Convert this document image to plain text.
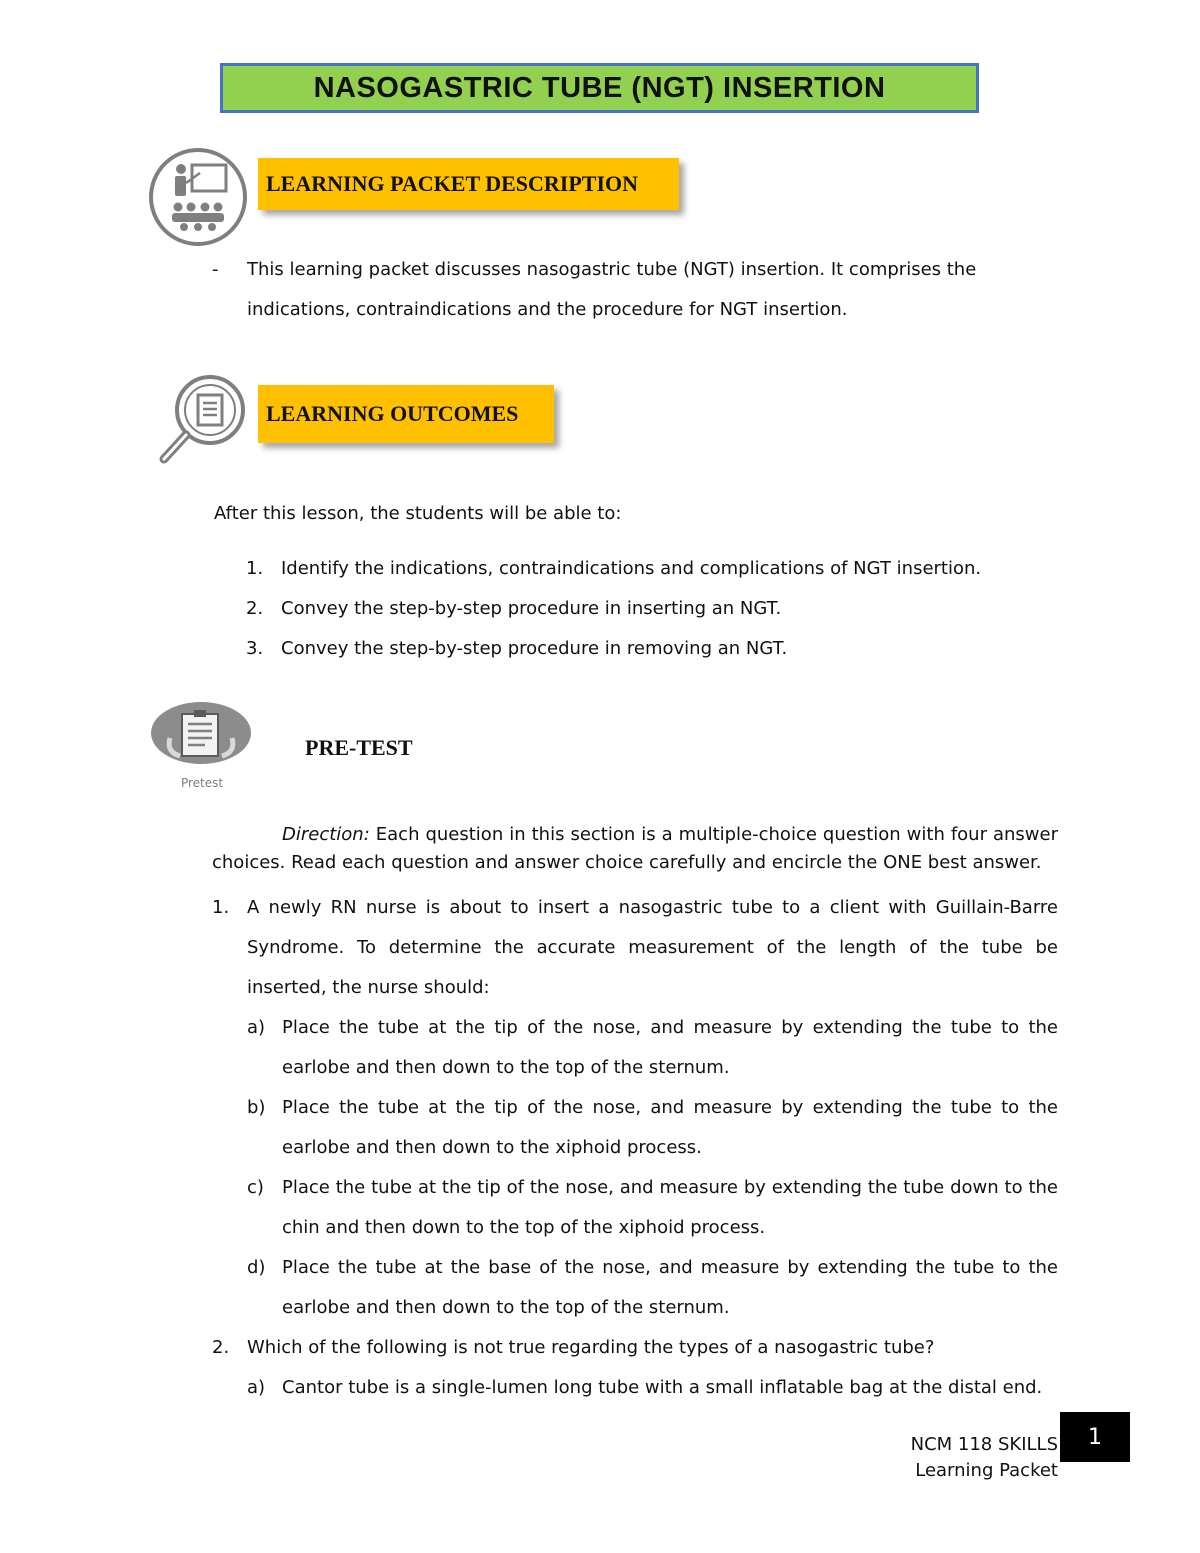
NASOGASTRIC TUBE (NGT) INSERTION
LEARNING PACKET DESCRIPTION
-	This learning packet discusses nasogastric tube (NGT) insertion. It comprises the indications, contraindications and the procedure for NGT insertion.
LEARNING OUTCOMES
After this lesson, the students will be able to:
1. Identify the indications, contraindications and complications of NGT insertion.
2. Convey the step-by-step procedure in inserting an NGT.
3. Convey the step-by-step procedure in removing an NGT.
Pretest
PRE-TEST
Direction: Each question in this section is a multiple-choice question with four answer choices. Read each question and answer choice carefully and encircle the ONE best answer.
1. A newly RN nurse is about to insert a nasogastric tube to a client with Guillain-Barre Syndrome. To determine the accurate measurement of the length of the tube be inserted, the nurse should:
a) Place the tube at the tip of the nose, and measure by extending the tube to the earlobe and then down to the top of the sternum.
b) Place the tube at the tip of the nose, and measure by extending the tube to the earlobe and then down to the xiphoid process.
c)	Place the tube at the tip of the nose, and measure by extending the tube down to the chin and then down to the top of the xiphoid process.
d) Place the tube at the base of the nose, and measure by extending the tube to the earlobe and then down to the top of the sternum.
2. Which of the following is not true regarding the types of a nasogastric tube?
a) Cantor tube is a single-lumen long tube with a small inflatable bag at the distal end.
NCM 118 SKILLS
Learning Packet
1
